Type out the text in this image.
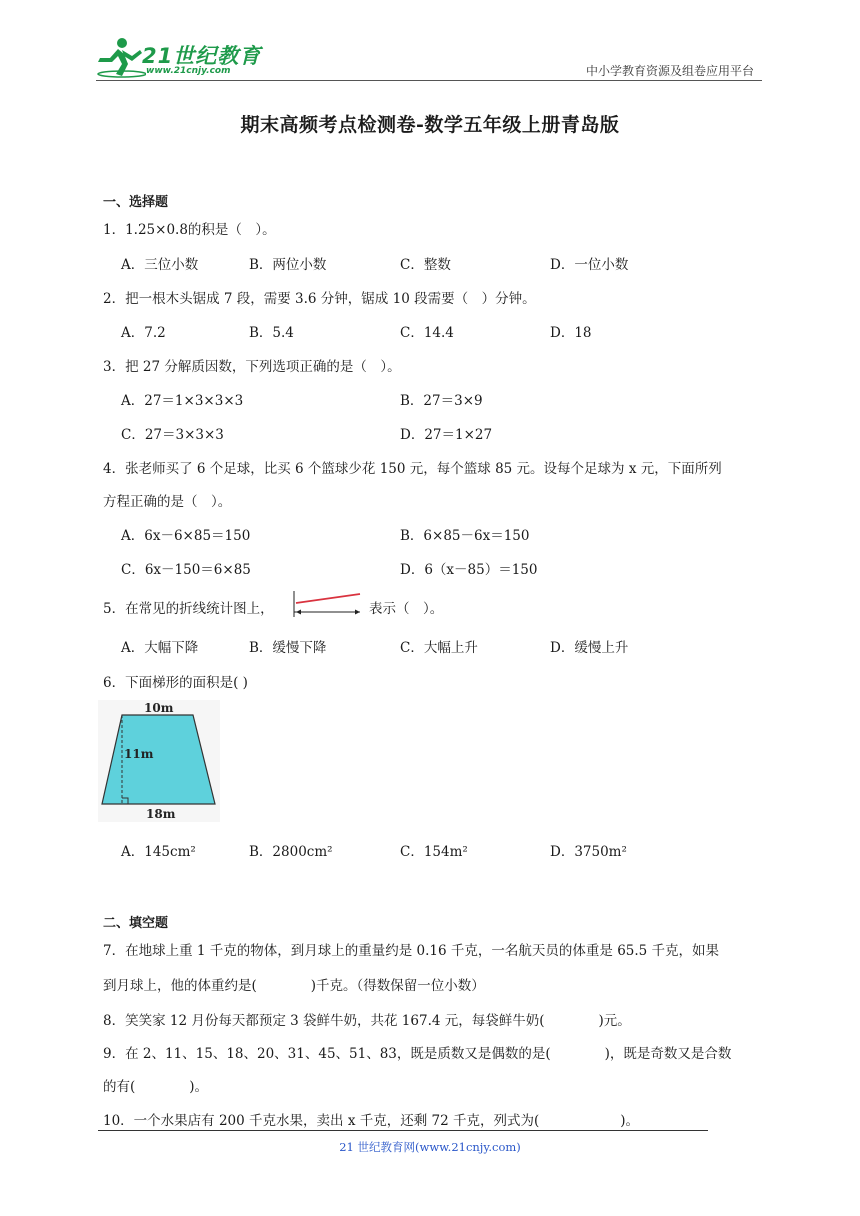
21世纪教育
www.21cnjy.com	中小学教育资源及组卷应用平台
期末高频考点检测卷-数学五年级上册青岛版
一、选择题
1．1.25×0.8的积是（　）。
A．三位小数	B．两位小数	C．整数	D．一位小数
2．把一根木头锯成 7 段，需要 3.6 分钟，锯成 10 段需要（　）分钟。
A．7.2	B．5.4	C．14.4	D．18
3．把 27 分解质因数，下列选项正确的是（　）。
A．27＝1×3×3×3	B．27＝3×9
C．27＝3×3×3	D．27＝1×27
4．张老师买了 6 个足球，比买 6 个篮球少花 150 元，每个篮球 85 元。设每个足球为 x 元，下面所列
方程正确的是（　）。
A．6x－6×85＝150	B．6×85－6x＝150
C．6x－150＝6×85	D．6（x－85）＝150
5．在常见的折线统计图上，	表示（　）。
A．大幅下降	B．缓慢下降	C．大幅上升	D．缓慢上升
6．下面梯形的面积是( )
10m
11m
18m
A．145cm²	B．2800cm²	C．154m²	D．3750m²
二、填空题
7．在地球上重 1 千克的物体，到月球上的重量约是 0.16 千克，一名航天员的体重是 65.5 千克，如果
到月球上，他的体重约是(　　　　)千克。（得数保留一位小数）
8．笑笑家 12 月份每天都预定 3 袋鲜牛奶，共花 167.4 元，每袋鲜牛奶(　　　　)元。
9．在 2、11、15、18、20、31、45、51、83，既是质数又是偶数的是(　　　　)，既是奇数又是合数
的有(　　　　)。
10．一个水果店有 200 千克水果，卖出 x 千克，还剩 72 千克，列式为(　　　　　　)。
21 世纪教育网(www.21cnjy.com)
